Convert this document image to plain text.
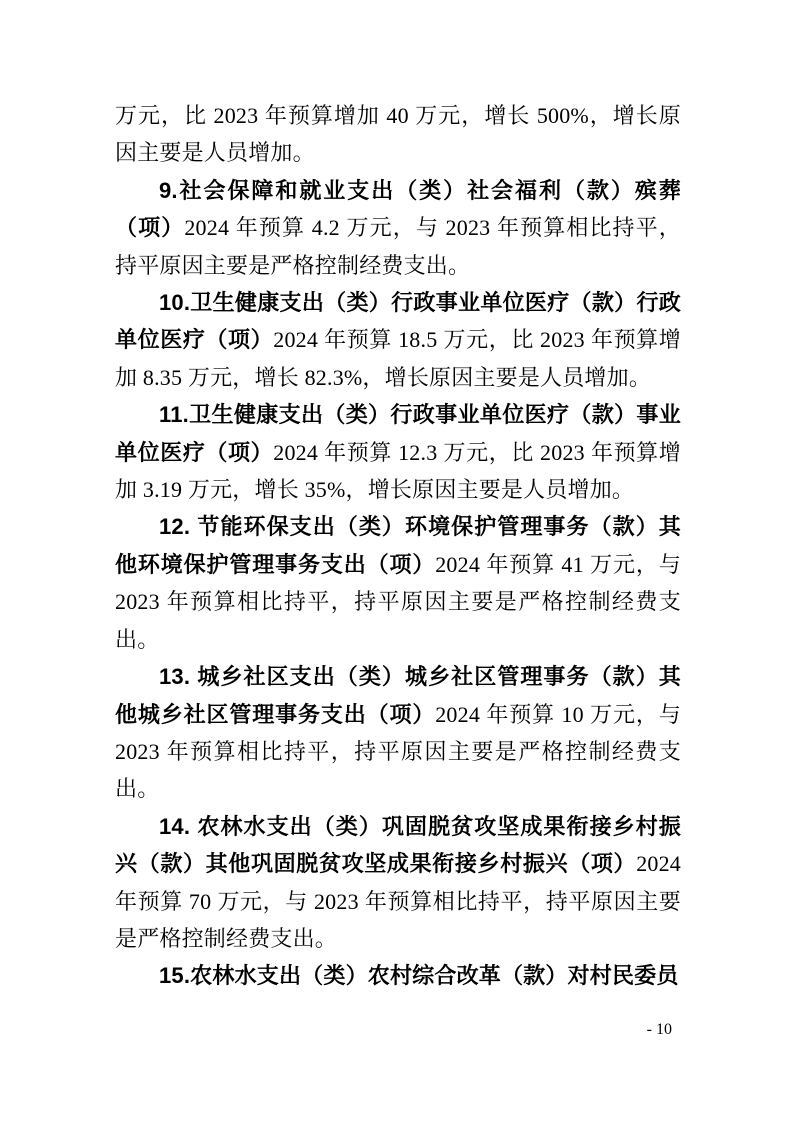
万元，比 2023 年预算增加 40 万元，增长 500%，增长原因主要是人员增加。

9.社会保障和就业支出（类）社会福利（款）殡葬（项）2024 年预算 4.2 万元，与 2023 年预算相比持平，持平原因主要是严格控制经费支出。

10.卫生健康支出（类）行政事业单位医疗（款）行政单位医疗（项）2024 年预算 18.5 万元，比 2023 年预算增加 8.35 万元，增长 82.3%，增长原因主要是人员增加。

11.卫生健康支出（类）行政事业单位医疗（款）事业单位医疗（项）2024 年预算 12.3 万元，比 2023 年预算增加 3.19 万元，增长 35%，增长原因主要是人员增加。

12. 节能环保支出（类）环境保护管理事务（款）其他环境保护管理事务支出（项）2024 年预算 41 万元，与 2023 年预算相比持平，持平原因主要是严格控制经费支出。

13. 城乡社区支出（类）城乡社区管理事务（款）其他城乡社区管理事务支出（项）2024 年预算 10 万元，与 2023 年预算相比持平，持平原因主要是严格控制经费支出。

14. 农林水支出（类）巩固脱贫攻坚成果衔接乡村振兴（款）其他巩固脱贫攻坚成果衔接乡村振兴（项）2024 年预算 70 万元，与 2023 年预算相比持平，持平原因主要是严格控制经费支出。

15.农林水支出（类）农村综合改革（款）对村民委员

- 10
